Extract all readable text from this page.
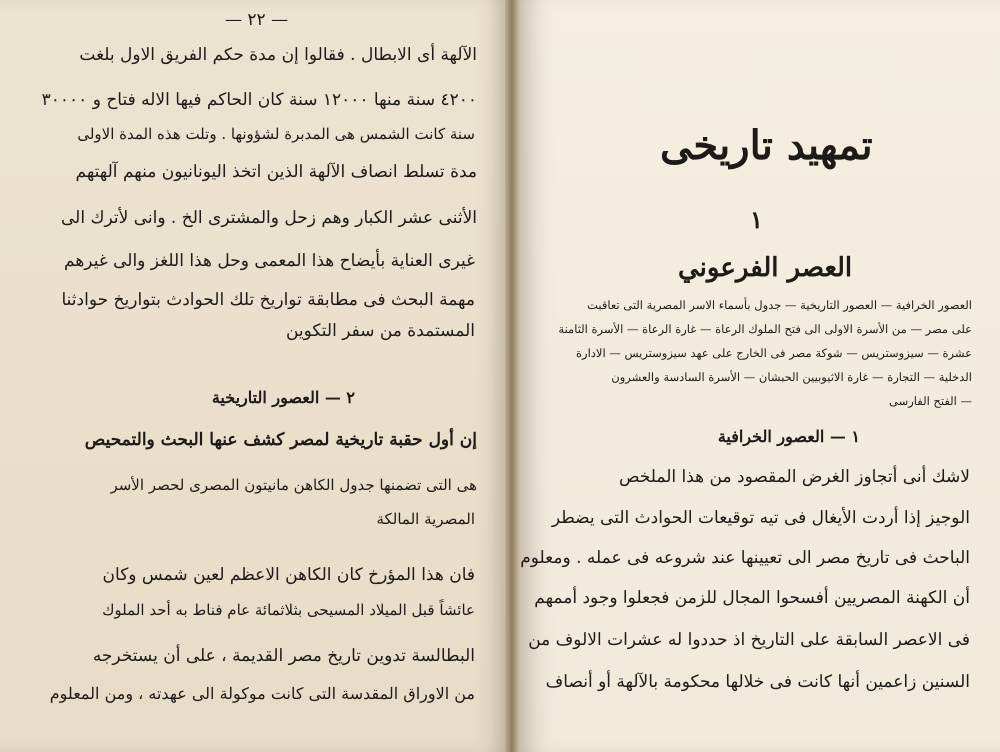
— ٢٢ —
الآلهة أى الابطال . فقالوا إن مدة حكم الفريق الاول بلغت
٤٢٠٠ سنة منها ١٢٠٠٠ سنة كان الحاكم فيها الاله فتاح و ٣٠٠٠٠
سنة كانت الشمس هى المدبرة لشؤونها . وتلت هذه المدة الاولى
مدة تسلط انصاف الآلهة الذين اتخذ اليونانيون منهم آلهتهم
الأثنى عشر الكبار وهم زحل والمشترى الخ . وانى لأترك الى
غيرى العناية بأيضاح هذا المعمى وحل هذا اللغز والى غيرهم
مهمة البحث فى مطابقة تواريخ تلك الحوادث بتواريخ حوادثنا
المستمدة من سفر التكوين
٢ — العصور التاريخية
إن أول حقبة تاريخية لمصر كشف عنها البحث والتمحيص
هى التى تضمنها جدول الكاهن مانيتون المصرى لحصر الأسر
المصرية المالكة
فان هذا المؤرخ كان الكاهن الاعظم لعين شمس وكان
عائشاً قبل الميلاد المسيحى بثلاثمائة عام فناط به أحد الملوك
البطالسة تدوين تاريخ مصر القديمة ، على أن يستخرجه
من الاوراق المقدسة التى كانت موكولة الى عهدته ، ومن المعلوم
تمهيد تاريخى
١
العصر الفرعوني
العصور الخرافية — العصور التاريخية — جدول بأسماء الاسر المصرية التى تعاقبت
على مصر — من الأسرة الاولى الى فتح الملوك الرعاة — غارة الرعاة — الأسرة الثامنة
عشرة — سيزوستريس — شوكة مصر فى الخارج على عهد سيزوستريس — الادارة
الدخلية — التجارة — غارة الاثيوبيين الحبشان — الأسرة السادسة والعشرون
— الفتح الفارسى
١ — العصور الخرافية
لاشك أنى أتجاوز الغرض المقصود من هذا الملخص
الوجيز إذا أردت الأيغال فى تيه توقيعات الحوادث التى يضطر
الباحث فى تاريخ مصر الى تعيينها عند شروعه فى عمله . ومعلوم
أن الكهنة المصريين أفسحوا المجال للزمن فجعلوا وجود أممهم
فى الاعصر السابقة على التاريخ اذ حددوا له عشرات الالوف من
السنين زاعمين أنها كانت فى خلالها محكومة بالآلهة أو أنصاف
